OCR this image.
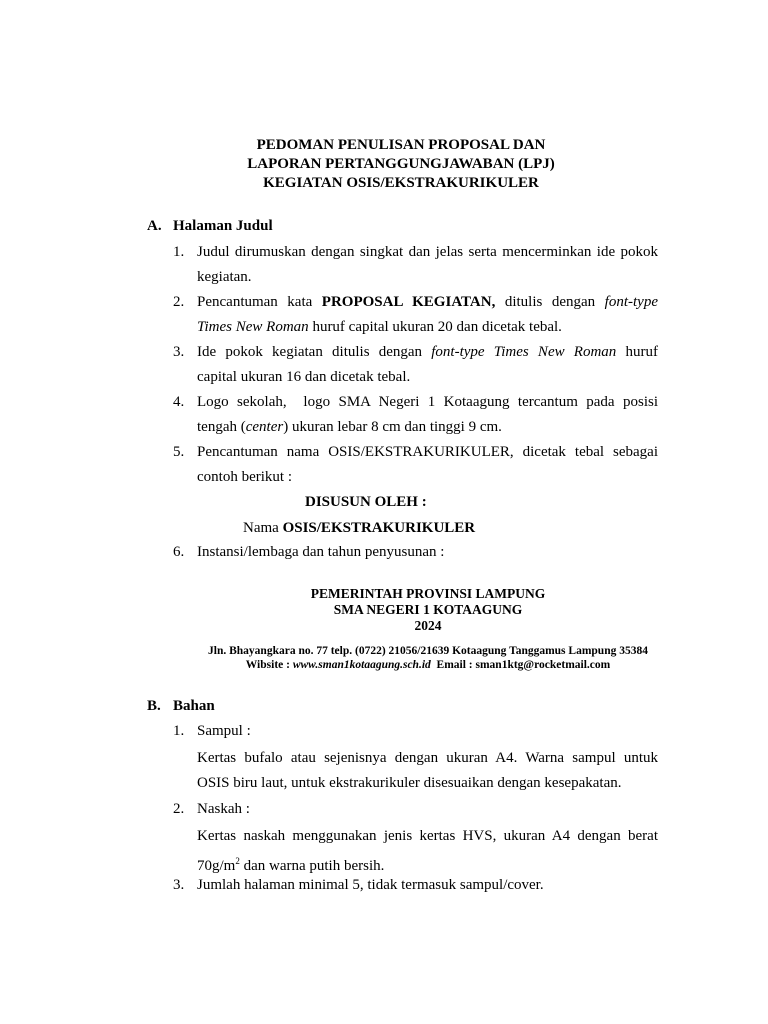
PEDOMAN PENULISAN PROPOSAL DAN
LAPORAN PERTANGGUNGJAWABAN (LPJ)
KEGIATAN OSIS/EKSTRAKURIKULER
A. Halaman Judul
1. Judul dirumuskan dengan singkat dan jelas serta mencerminkan ide pokok kegiatan.
2. Pencantuman kata PROPOSAL KEGIATAN, ditulis dengan font-type
Times New Roman huruf capital ukuran 20 dan dicetak tebal.
3. Ide pokok kegiatan ditulis dengan font-type Times New Roman huruf
capital ukuran 16 dan dicetak tebal.
4. Logo sekolah,  logo SMA Negeri 1 Kotaagung tercantum pada posisi
tengah (center) ukuran lebar 8 cm dan tinggi 9 cm.
5. Pencantuman nama OSIS/EKSTRAKURIKULER, dicetak tebal sebagai
contoh berikut :
DISUSUN OLEH :
Nama OSIS/EKSTRAKURIKULER
6. Instansi/lembaga dan tahun penyusunan :
PEMERINTAH PROVINSI LAMPUNG
SMA NEGERI 1 KOTAAGUNG
2024
Jln. Bhayangkara no. 77 telp. (0722) 21056/21639 Kotaagung Tanggamus Lampung 35384
Wibsite : www.sman1kotaagung.sch.id  Email : sman1ktg@rocketmail.com
B. Bahan
1. Sampul :
Kertas bufalo atau sejenisnya dengan ukuran A4. Warna sampul untuk
OSIS biru laut, untuk ekstrakurikuler disesuaikan dengan kesepakatan.
2. Naskah :
Kertas naskah menggunakan jenis kertas HVS, ukuran A4 dengan berat
$70g/m^2$ dan warna putih bersih.
3. Jumlah halaman minimal 5, tidak termasuk sampul/cover.
